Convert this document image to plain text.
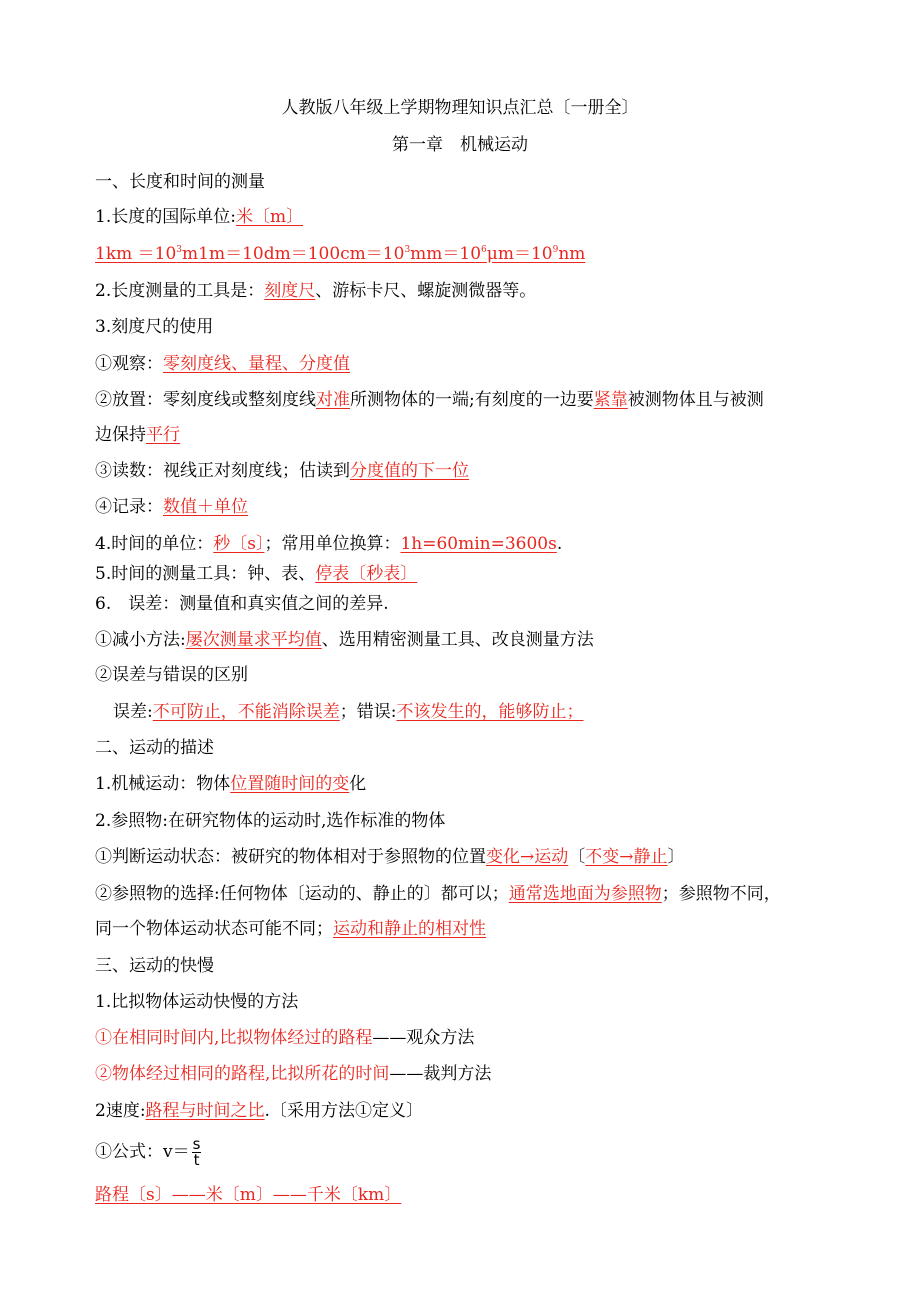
人教版八年级上学期物理知识点汇总〔一册全〕
第一章　机械运动
一、长度和时间的测量
1.长度的国际单位:米〔m〕
$1km =10^3m1m=10dm=100cm=10^3mm=10^6\mu m=10^9nm$
2.长度测量的工具是：刻度尺、游标卡尺、螺旋测微器等。
3.刻度尺的使用
①观察：零刻度线、量程、分度值
②放置：零刻度线或整刻度线对准所测物体的一端;有刻度的一边要紧靠被测物体且与被测
边保持平行
③读数：视线正对刻度线；估读到分度值的下一位
④记录：数值＋单位
4.时间的单位：秒〔s〕；常用单位换算：1h=60min=3600s.
5.时间的测量工具：钟、表、停表〔秒表〕
6.　误差：测量值和真实值之间的差异.
①减小方法:屡次测量求平均值、选用精密测量工具、改良测量方法
②误差与错误的区别
误差:不可防止，不能消除误差；错误:不该发生的，能够防止；
二、运动的描述
1.机械运动：物体位置随时间的变化
2.参照物:在研究物体的运动时,选作标准的物体
①判断运动状态：被研究的物体相对于参照物的位置变化→运动〔不变→静止〕
②参照物的选择:任何物体〔运动的、静止的〕都可以；通常选地面为参照物；参照物不同，
同一个物体运动状态可能不同；运动和静止的相对性
三、运动的快慢
1.比拟物体运动快慢的方法
①在相同时间内,比拟物体经过的路程——观众方法
②物体经过相同的路程,比拟所花的时间——裁判方法
2速度:路程与时间之比.〔采用方法①定义〕
①公式：$v= \frac{s}{t}$
路程〔s〕——米〔m〕——千米〔km〕
